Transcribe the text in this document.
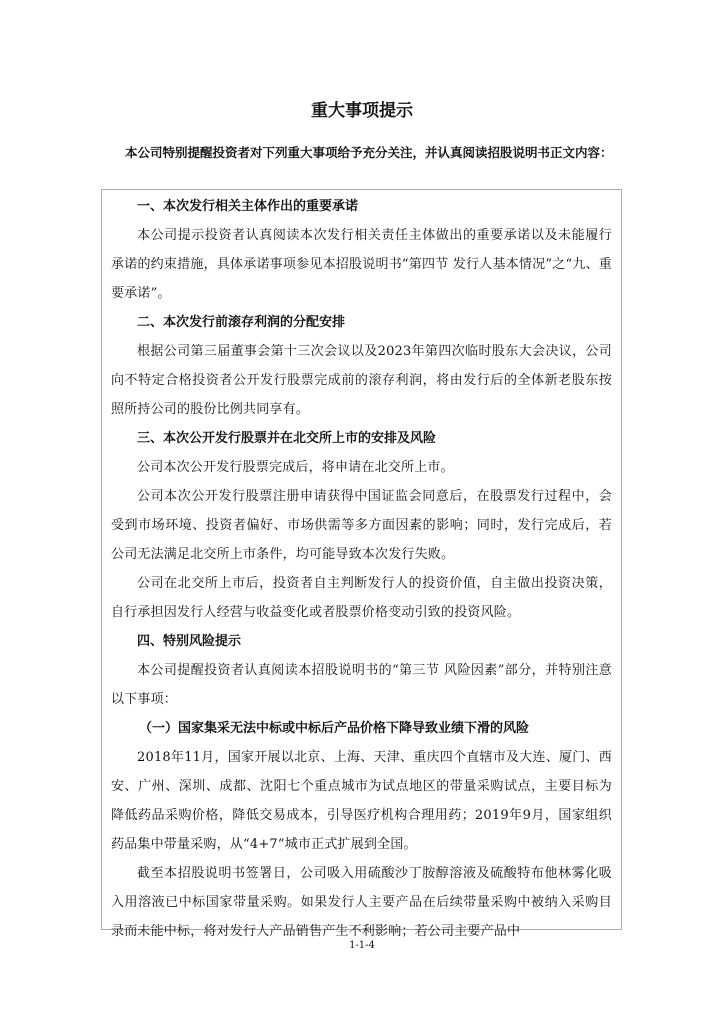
重大事项提示
本公司特别提醒投资者对下列重大事项给予充分关注，并认真阅读招股说明书正文内容：
一、本次发行相关主体作出的重要承诺

本公司提示投资者认真阅读本次发行相关责任主体做出的重要承诺以及未能履行承诺的约束措施，具体承诺事项参见本招股说明书“第四节 发行人基本情况”之“九、重要承诺”。

二、本次发行前滚存利润的分配安排

根据公司第三届董事会第十三次会议以及2023年第四次临时股东大会决议，公司向不特定合格投资者公开发行股票完成前的滚存利润，将由发行后的全体新老股东按照所持公司的股份比例共同享有。

三、本次公开发行股票并在北交所上市的安排及风险

公司本次公开发行股票完成后，将申请在北交所上市。

公司本次公开发行股票注册申请获得中国证监会同意后，在股票发行过程中，会受到市场环境、投资者偏好、市场供需等多方面因素的影响；同时，发行完成后，若公司无法满足北交所上市条件，均可能导致本次发行失败。

公司在北交所上市后，投资者自主判断发行人的投资价值，自主做出投资决策，自行承担因发行人经营与收益变化或者股票价格变动引致的投资风险。

四、特别风险提示

本公司提醒投资者认真阅读本招股说明书的“第三节 风险因素”部分，并特别注意以下事项：

（一）国家集采无法中标或中标后产品价格下降导致业绩下滑的风险

2018年11月，国家开展以北京、上海、天津、重庆四个直辖市及大连、厦门、西安、广州、深圳、成都、沈阳七个重点城市为试点地区的带量采购试点，主要目标为降低药品采购价格，降低交易成本，引导医疗机构合理用药；2019年9月，国家组织药品集中带量采购，从“4+7”城市正式扩展到全国。

截至本招股说明书签署日，公司吸入用硫酸沙丁胺醇溶液及硫酸特布他林雾化吸入用溶液已中标国家带量采购。如果发行人主要产品在后续带量采购中被纳入采购目录而未能中标，将对发行人产品销售产生不利影响；若公司主要产品中

1-1-4
